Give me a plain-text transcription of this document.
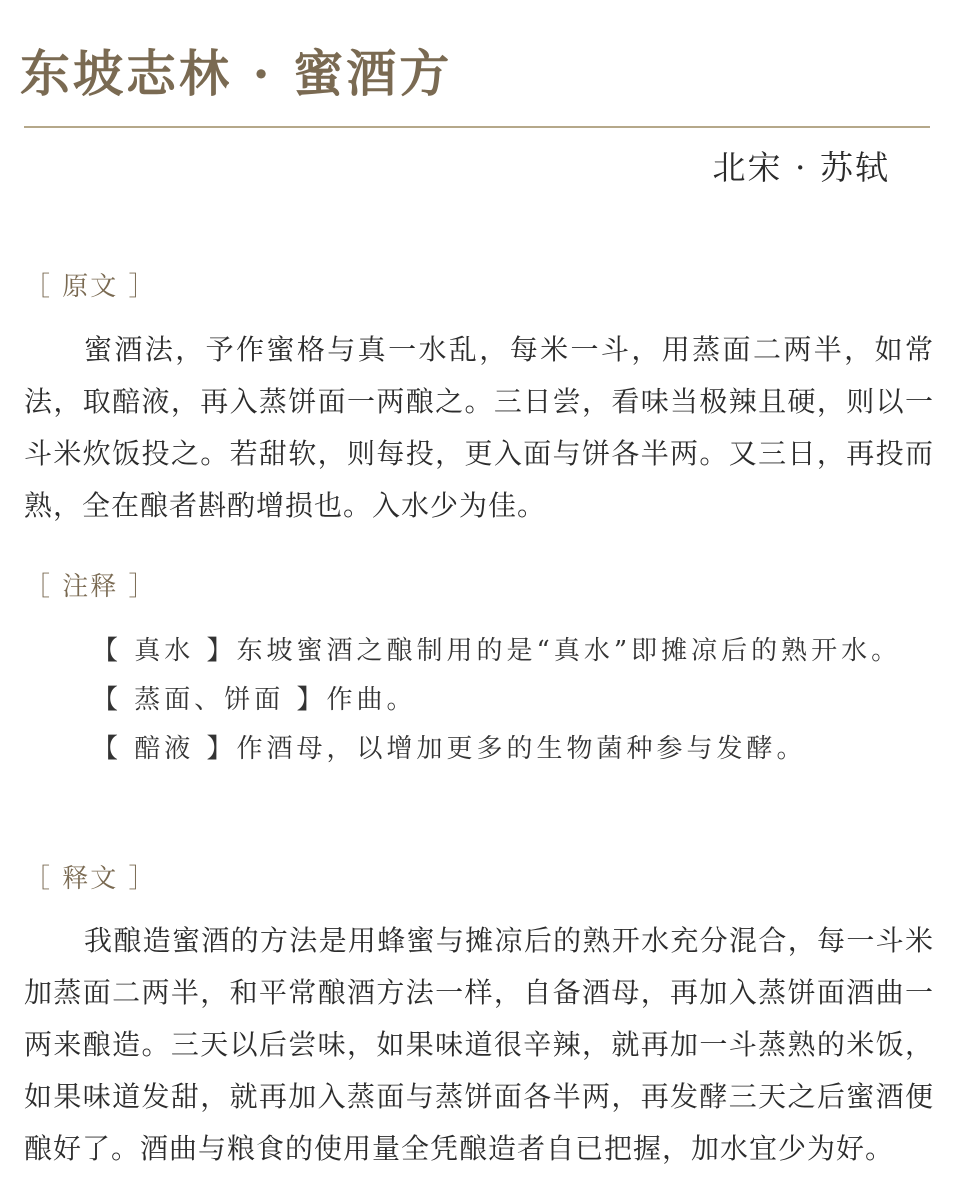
东坡志林 · 蜜酒方
北宋 · 苏轼
［ 原文 ］
蜜酒法，予作蜜格与真一水乱，每米一斗，用蒸面二两半，如常法，取醅液，再入蒸饼面一两酿之。三日尝，看味当极辣且硬，则以一斗米炊饭投之。若甜软，则每投，更入面与饼各半两。又三日，再投而熟，全在酿者斟酌增损也。入水少为佳。
［ 注释 ］
【 真水 】东坡蜜酒之酿制用的是“真水”即摊凉后的熟开水。
【 蒸面、饼面 】作曲。
【 醅液 】作酒母，以增加更多的生物菌种参与发酵。
［ 释文 ］
我酿造蜜酒的方法是用蜂蜜与摊凉后的熟开水充分混合，每一斗米加蒸面二两半，和平常酿酒方法一样，自备酒母，再加入蒸饼面酒曲一两来酿造。三天以后尝味，如果味道很辛辣，就再加一斗蒸熟的米饭，如果味道发甜，就再加入蒸面与蒸饼面各半两，再发酵三天之后蜜酒便酿好了。酒曲与粮食的使用量全凭酿造者自已把握，加水宜少为好。
